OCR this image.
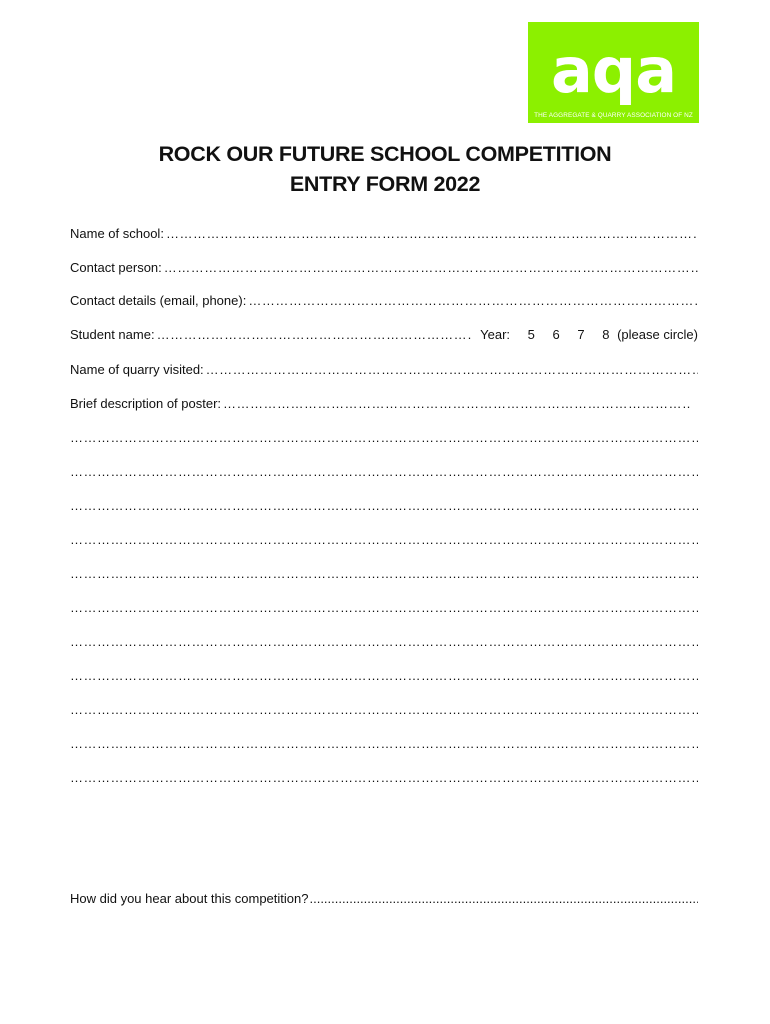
aqa
THE AGGREGATE & QUARRY ASSOCIATION OF NZ
ROCK OUR FUTURE SCHOOL COMPETITION
ENTRY FORM 2022
Name of school:
……………………………………………………………………………………………………………………………………………………………………………………………………………
Contact person:
……………………………………………………………………………………………………………………………………………………………………………………………………………
Contact details (email, phone):
……………………………………………………………………………………………………………………………………………………………………………………………………………
Student name:
……………………………………………………………………………………………………………………………………………………………………………………………………………	Year: 5 6 7 8 (please circle)
Name of quarry visited:
……………………………………………………………………………………………………………………………………………………………………………………………………………
Brief description of poster:
……………………………………………………………………………………………………………………………………………………………………………………………………………
……………………………………………………………………………………………………………………………………………………………………………………………………………
……………………………………………………………………………………………………………………………………………………………………………………………………………
……………………………………………………………………………………………………………………………………………………………………………………………………………
……………………………………………………………………………………………………………………………………………………………………………………………………………
……………………………………………………………………………………………………………………………………………………………………………………………………………
……………………………………………………………………………………………………………………………………………………………………………………………………………
……………………………………………………………………………………………………………………………………………………………………………………………………………
……………………………………………………………………………………………………………………………………………………………………………………………………………
……………………………………………………………………………………………………………………………………………………………………………………………………………
……………………………………………………………………………………………………………………………………………………………………………………………………………
……………………………………………………………………………………………………………………………………………………………………………………………………………
How did you hear about this competition?
.....
